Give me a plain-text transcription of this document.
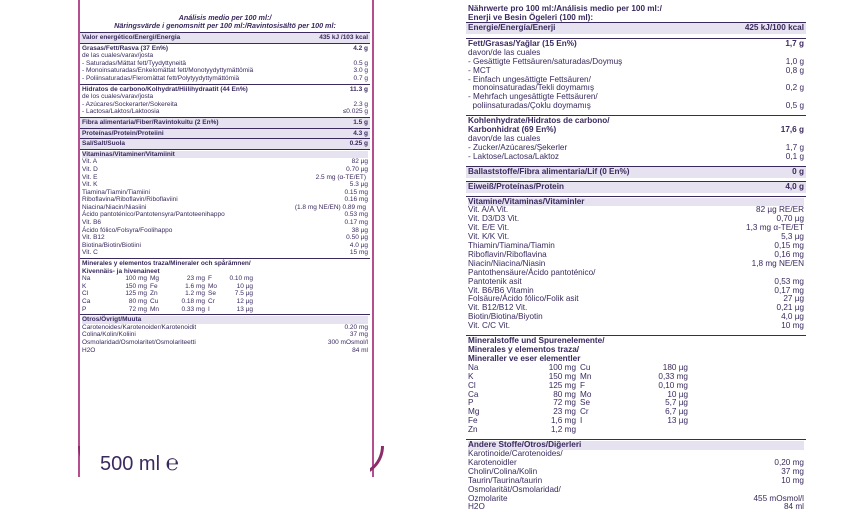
Análisis medio per 100 ml:/
Näringsvärde i genomsnitt per 100 ml:/Ravintosisältö per 100 ml:
Valor energético/Energi/Energia	435 kJ /103 kcal
Grasas/Fett/Rasva (37 En%)	4.2 g
de las cuales/varav/josta
- Saturadas/Mättat fett/Tyydyttyneitä	0.5 g
- Monoinsaturadas/Enkelomättat fett/Monotyydyttymättömiä	3.0 g
- Poliinsaturadas/Fleromättat fett/Polytyydyttymättömiä	0.7 g
Hidratos de carbono/Kolhydrat/Hiilihydraatit (44 En%)	11.3 g
de los cuales/varav/josta
- Azúcares/Sockerarter/Sokereita	2.3 g
- Lactosa/Laktos/Laktoosia	≤0.025 g
Fibra alimentaria/Fiber/Ravintokuitu (2 En%)	1.5 g
Proteínas/Protein/Proteiini	4.3 g
Sal/Salt/Suola	0.25 g
Vitaminas/Vitaminer/Vitamiinit
Vit. A	82 µg
Vit. D	0.70 µg
Vit. E	2.5 mg (α-TE/ET)
Vit. K	5.3 µg
Tiamina/Tiamin/Tiamiini	0.15 mg
Riboflavina/Riboflavin/Riboflaviini	0.16 mg
Niacina/Niacin/Niasiini	(1.8 mg NE/EN) 0.89 mg
Ácido pantoténico/Pantotensyra/Pantoteenihappo	0.53 mg
Vit. B6	0.17 mg
Ácido fólico/Folsyra/Foolihappo	38 µg
Vit. B12	0.50 µg
Biotina/Biotin/Biotiini	4.0 µg
Vit. C	15 mg
Minerales y elementos traza/Mineraler och spårämnen/
Kivennäis- ja hivenaineet
Na	100 mg Mg	23 mg F	0.10 mg
K	150 mg Fe	1.6 mg Mo	10 µg
Cl	125 mg Zn	1.2 mg Se	7.5 µg
Ca	80 mg Cu	0.18 mg Cr	12 µg
P	72 mg Mn	0.33 mg I	13 µg
Otros/Övrigt/Muuta
Carotenoides/Karotenoider/Karotenoidit	0.20 mg
Colina/Kolin/Koliini	37 mg
Osmolaridad/Osmolaritet/Osmolariteetti	300 mOsmol/l
H2O	84 ml
500 ml ℮
Nährwerte pro 100 ml:/Análisis medio per 100 ml:/
Enerji ve Besin Ögeleri (100 ml):
Energie/Energía/Enerji	425 kJ/100 kcal
Fett/Grasas/Yağlar (15 En%)	1,7 g
davon/de las cuales
- Gesättigte Fettsäuren/saturadas/Doymuş	1,0 g
- MCT	0,8 g
- Einfach ungesättigte Fettsäuren/
monoinsaturadas/Tekli doymamış	0,2 g
- Mehrfach ungesättigte Fettsäuren/
poliinsaturadas/Çoklu doymamış	0,5 g
Kohlenhydrate/Hidratos de carbono/
Karbonhidrat (69 En%)	17,6 g
davon/de las cuales
- Zucker/Azúcares/Şekerler	1,7 g
- Laktose/Lactosa/Laktoz	0,1 g
Ballaststoffe/Fibra alimentaria/Lif (0 En%)	0 g
Eiweiß/Proteínas/Protein	4,0 g
Vitamine/Vitaminas/Vitaminler
Vit. A/A Vit.	82 µg RE/ER
Vit. D3/D3 Vit.	0,70 µg
Vit. E/E Vit.	1,3 mg α-TE/ET
Vit. K/K Vit.	5,3 µg
Thiamin/Tiamina/Tiamin	0,15 mg
Riboflavin/Riboflavina	0,16 mg
Niacin/Niacina/Niasin	1,8 mg NE/EN
Pantothensäure/Ácido pantoténico/
Pantotenik asit	0,53 mg
Vit. B6/B6 Vitamin	0,17 mg
Folsäure/Ácido fólico/Folik asit	27 µg
Vit. B12/B12 Vit.	0,21 µg
Biotin/Biotina/Biyotin	4,0 µg
Vit. C/C Vit.	10 mg
Mineralstoffe und Spurenelemente/
Minerales y elementos traza/
Mineraller ve eser elementler
Na	100 mg Cu	180 µg
K	150 mg Mn	0,33 mg
Cl	125 mg F	0,10 mg
Ca	80 mg Mo	10 µg
P	72 mg Se	5,7 µg
Mg	23 mg Cr	6,7 µg
Fe	1,6 mg I	13 µg
Zn	1,2 mg
Andere Stoffe/Otros/Diğerleri
Karotinoide/Carotenoides/
Karotenoidler	0,20 mg
Cholin/Colina/Kolin	37 mg
Taurin/Taurina/taurin	10 mg
Osmolarität/Osmolaridad/
Ozmolarite	455 mOsmol/l
H2O	84 ml
